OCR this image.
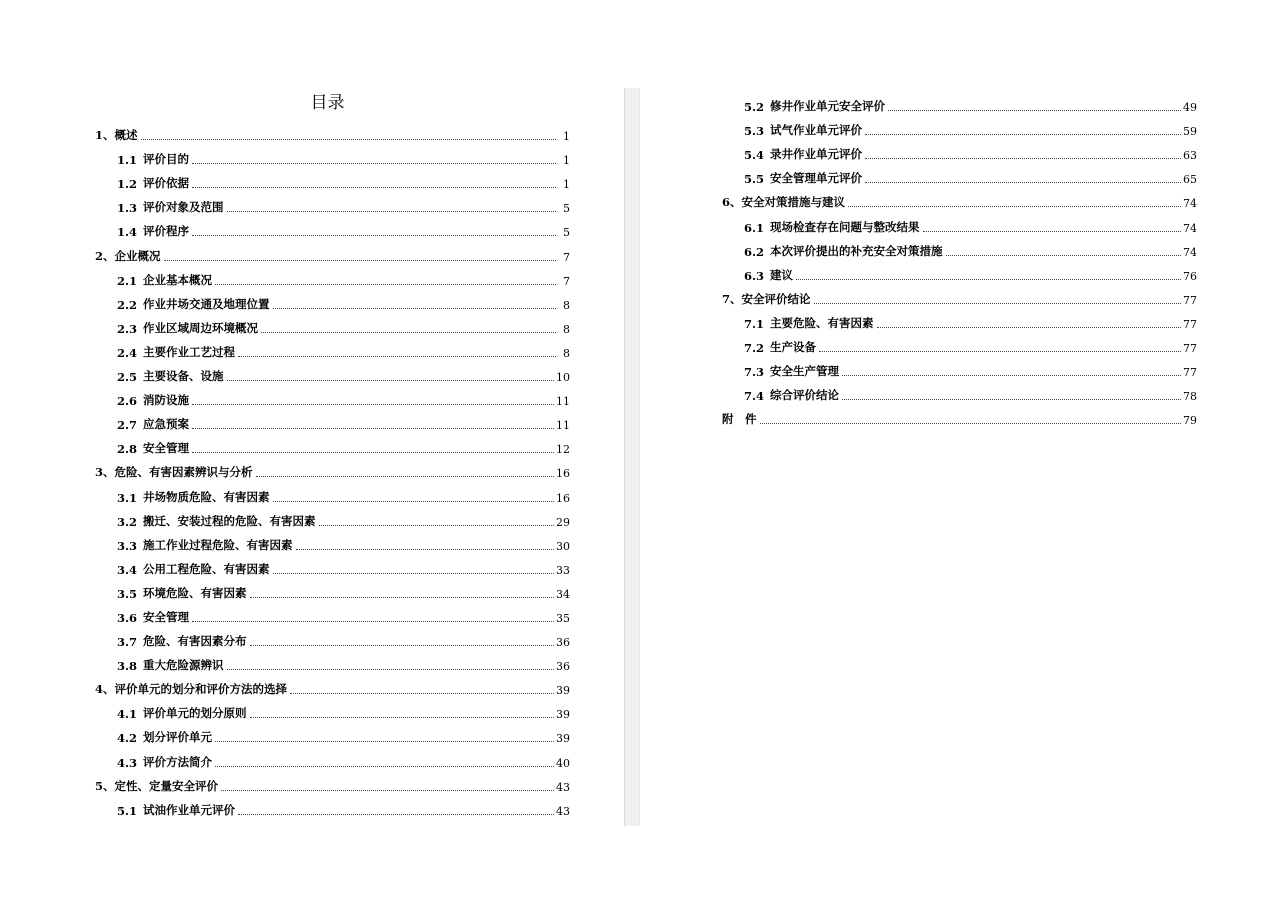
目录
1、 概述	1
1.1 评价目的	1
1.2 评价依据	1
1.3 评价对象及范围	5
1.4 评价程序	5
2、 企业概况	7
2.1 企业基本概况	7
2.2 作业井场交通及地理位置	8
2.3 作业区域周边环境概况	8
2.4 主要作业工艺过程	8
2.5 主要设备、设施	10
2.6 消防设施	11
2.7 应急预案	11
2.8 安全管理	12
3、 危险、有害因素辨识与分析	16
3.1 井场物质危险、有害因素	16
3.2 搬迁、安装过程的危险、有害因素	29
3.3 施工作业过程危险、有害因素	30
3.4 公用工程危险、有害因素	33
3.5 环境危险、有害因素	34
3.6 安全管理	35
3.7 危险、有害因素分布	36
3.8 重大危险源辨识	36
4、 评价单元的划分和评价方法的选择	39
4.1 评价单元的划分原则	39
4.2 划分评价单元	39
4.3 评价方法简介	40
5、 定性、定量安全评价	43
5.1 试油作业单元评价	43
5.2 修井作业单元安全评价	49
5.3 试气作业单元评价	59
5.4 录井作业单元评价	63
5.5 安全管理单元评价	65
6、 安全对策措施与建议	74
6.1 现场检查存在问题与整改结果	74
6.2 本次评价提出的补充安全对策措施	74
6.3 建议	76
7、 安全评价结论	77
7.1 主要危险、有害因素	77
7.2 生产设备	77
7.3 安全生产管理	77
7.4 综合评价结论	78
附　件	79
